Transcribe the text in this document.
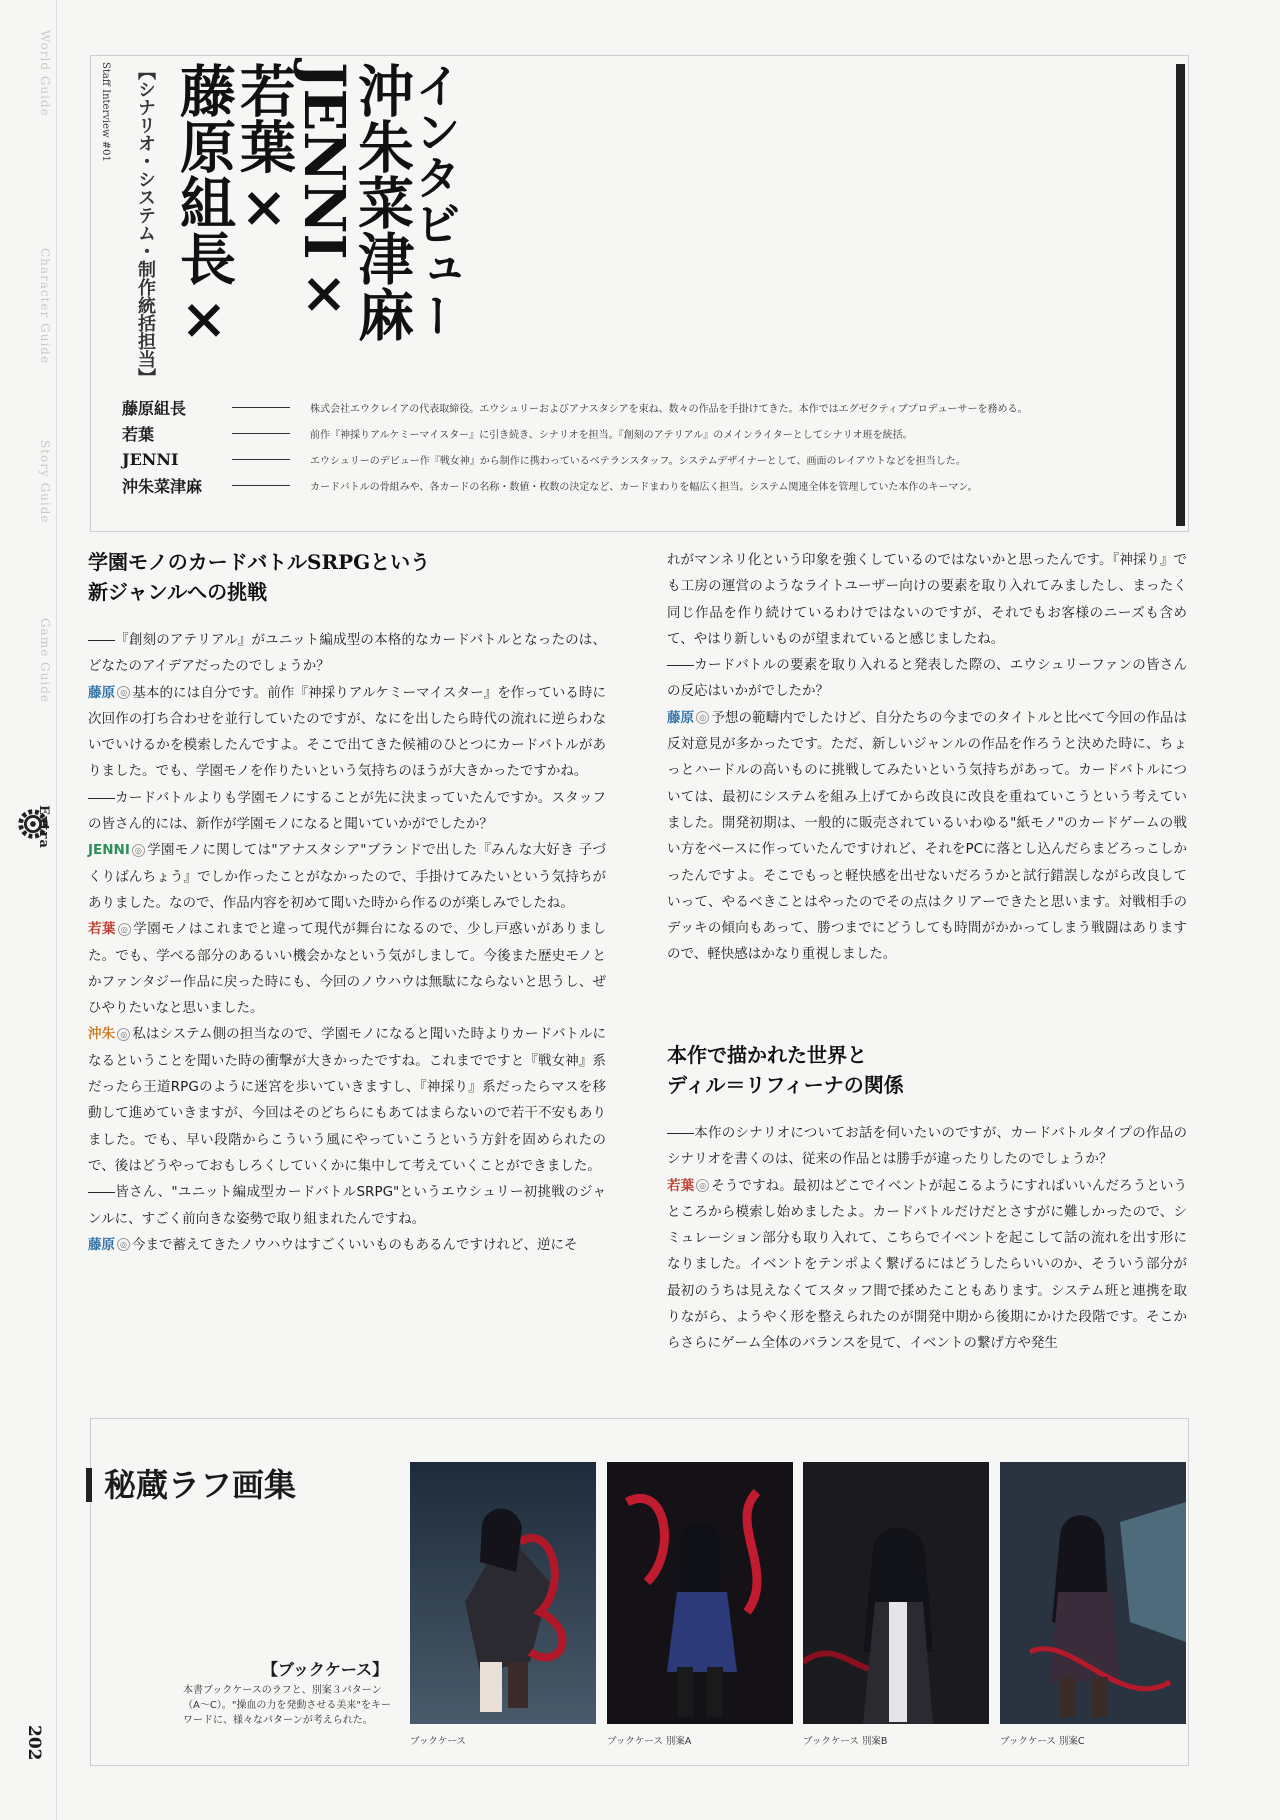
World Guide
Character Guide
Story Guide
Game Guide
Extra
インタビュー
沖朱菜津麻
JENNI×
若葉×
藤原組長×
【シナリオ・システム・制作統括担当】
Staff Interview #01
藤原組長	株式会社エウクレイアの代表取締役。エウシュリーおよびアナスタシアを束ね、数々の作品を手掛けてきた。本作ではエグゼクティブプロデューサーを務める。
若葉	前作『神採りアルケミーマイスター』に引き続き、シナリオを担当。『創刻のアテリアル』のメインライターとしてシナリオ班を統括。
JENNI	エウシュリーのデビュー作『戦女神』から制作に携わっているベテランスタッフ。システムデザイナーとして、画面のレイアウトなどを担当した。
沖朱菜津麻	カードバトルの骨組みや、各カードの名称・数値・枚数の決定など、カードまわりを幅広く担当。システム関連全体を管理していた本作のキーマン。
学園モノのカードバトルSRPGという
新ジャンルへの挑戦

――『創刻のアテリアル』がユニット編成型の本格的なカードバトルとなったのは、どなたのアイデアだったのでしょうか？

藤原 ◎ 基本的には自分です。前作『神採りアルケミーマイスター』を作っている時に次回作の打ち合わせを並行していたのですが、なにを出したら時代の流れに逆らわないでいけるかを模索したんですよ。そこで出てきた候補のひとつにカードバトルがありました。でも、学園モノを作りたいという気持ちのほうが大きかったですかね。

――カードバトルよりも学園モノにすることが先に決まっていたんですか。スタッフの皆さん的には、新作が学園モノになると聞いていかがでしたか？

JENNI ◎ 学園モノに関しては"アナスタシア"ブランドで出した『みんな大好き 子づくりばんちょう』でしか作ったことがなかったので、手掛けてみたいという気持ちがありました。なので、作品内容を初めて聞いた時から作るのが楽しみでしたね。

若葉 ◎ 学園モノはこれまでと違って現代が舞台になるので、少し戸惑いがありました。でも、学べる部分のあるいい機会かなという気がしまして。今後また歴史モノとかファンタジー作品に戻った時にも、今回のノウハウは無駄にならないと思うし、ぜひやりたいなと思いました。

沖朱 ◎ 私はシステム側の担当なので、学園モノになると聞いた時よりカードバトルになるということを聞いた時の衝撃が大きかったですね。これまでですと『戦女神』系だったら王道RPGのように迷宮を歩いていきますし、『神採り』系だったらマスを移動して進めていきますが、今回はそのどちらにもあてはまらないので若干不安もありました。でも、早い段階からこういう風にやっていこうという方針を固められたので、後はどうやっておもしろくしていくかに集中して考えていくことができました。

――皆さん、"ユニット編成型カードバトルSRPG"というエウシュリー初挑戦のジャンルに、すごく前向きな姿勢で取り組まれたんですね。

藤原 ◎ 今まで蓄えてきたノウハウはすごくいいものもあるんですけれど、逆にそ

れがマンネリ化という印象を強くしているのではないかと思ったんです。『神採り』でも工房の運営のようなライトユーザー向けの要素を取り入れてみましたし、まったく同じ作品を作り続けているわけではないのですが、それでもお客様のニーズも含めて、やはり新しいものが望まれていると感じましたね。

――カードバトルの要素を取り入れると発表した際の、エウシュリーファンの皆さんの反応はいかがでしたか？

藤原 ◎ 予想の範疇内でしたけど、自分たちの今までのタイトルと比べて今回の作品は反対意見が多かったです。ただ、新しいジャンルの作品を作ろうと決めた時に、ちょっとハードルの高いものに挑戦してみたいという気持ちがあって。カードバトルについては、最初にシステムを組み上げてから改良に改良を重ねていこうという考えていました。開発初期は、一般的に販売されているいわゆる"紙モノ"のカードゲームの戦い方をベースに作っていたんですけれど、それをPCに落とし込んだらまどろっこしかったんですよ。そこでもっと軽快感を出せないだろうかと試行錯誤しながら改良していって、やるべきことはやったのでその点はクリアーできたと思います。対戦相手のデッキの傾向もあって、勝つまでにどうしても時間がかかってしまう戦闘はありますので、軽快感はかなり重視しました。

本作で描かれた世界と
ディル＝リフィーナの関係

――本作のシナリオについてお話を伺いたいのですが、カードバトルタイプの作品のシナリオを書くのは、従来の作品とは勝手が違ったりしたのでしょうか？

若葉 ◎ そうですね。最初はどこでイベントが起こるようにすればいいんだろうというところから模索し始めましたよ。カードバトルだけだとさすがに難しかったので、シミュレーション部分も取り入れて、こちらでイベントを起こして話の流れを出す形になりました。イベントをテンポよく繋げるにはどうしたらいいのか、そういう部分が最初のうちは見えなくてスタッフ間で揉めたこともあります。システム班と連携を取りながら、ようやく形を整えられたのが開発中期から後期にかけた段階です。そこからさらにゲーム全体のバランスを見て、イベントの繋げ方や発生

秘蔵ラフ画集
【ブックケース】
本書ブックケースのラフと、別案３パターン（A～C）。"操血の力を発動させる美来"をキーワードに、様々なパターンが考えられた。
ブックケース	ブックケース 別案A	ブックケース 別案B	ブックケース 別案C
202
